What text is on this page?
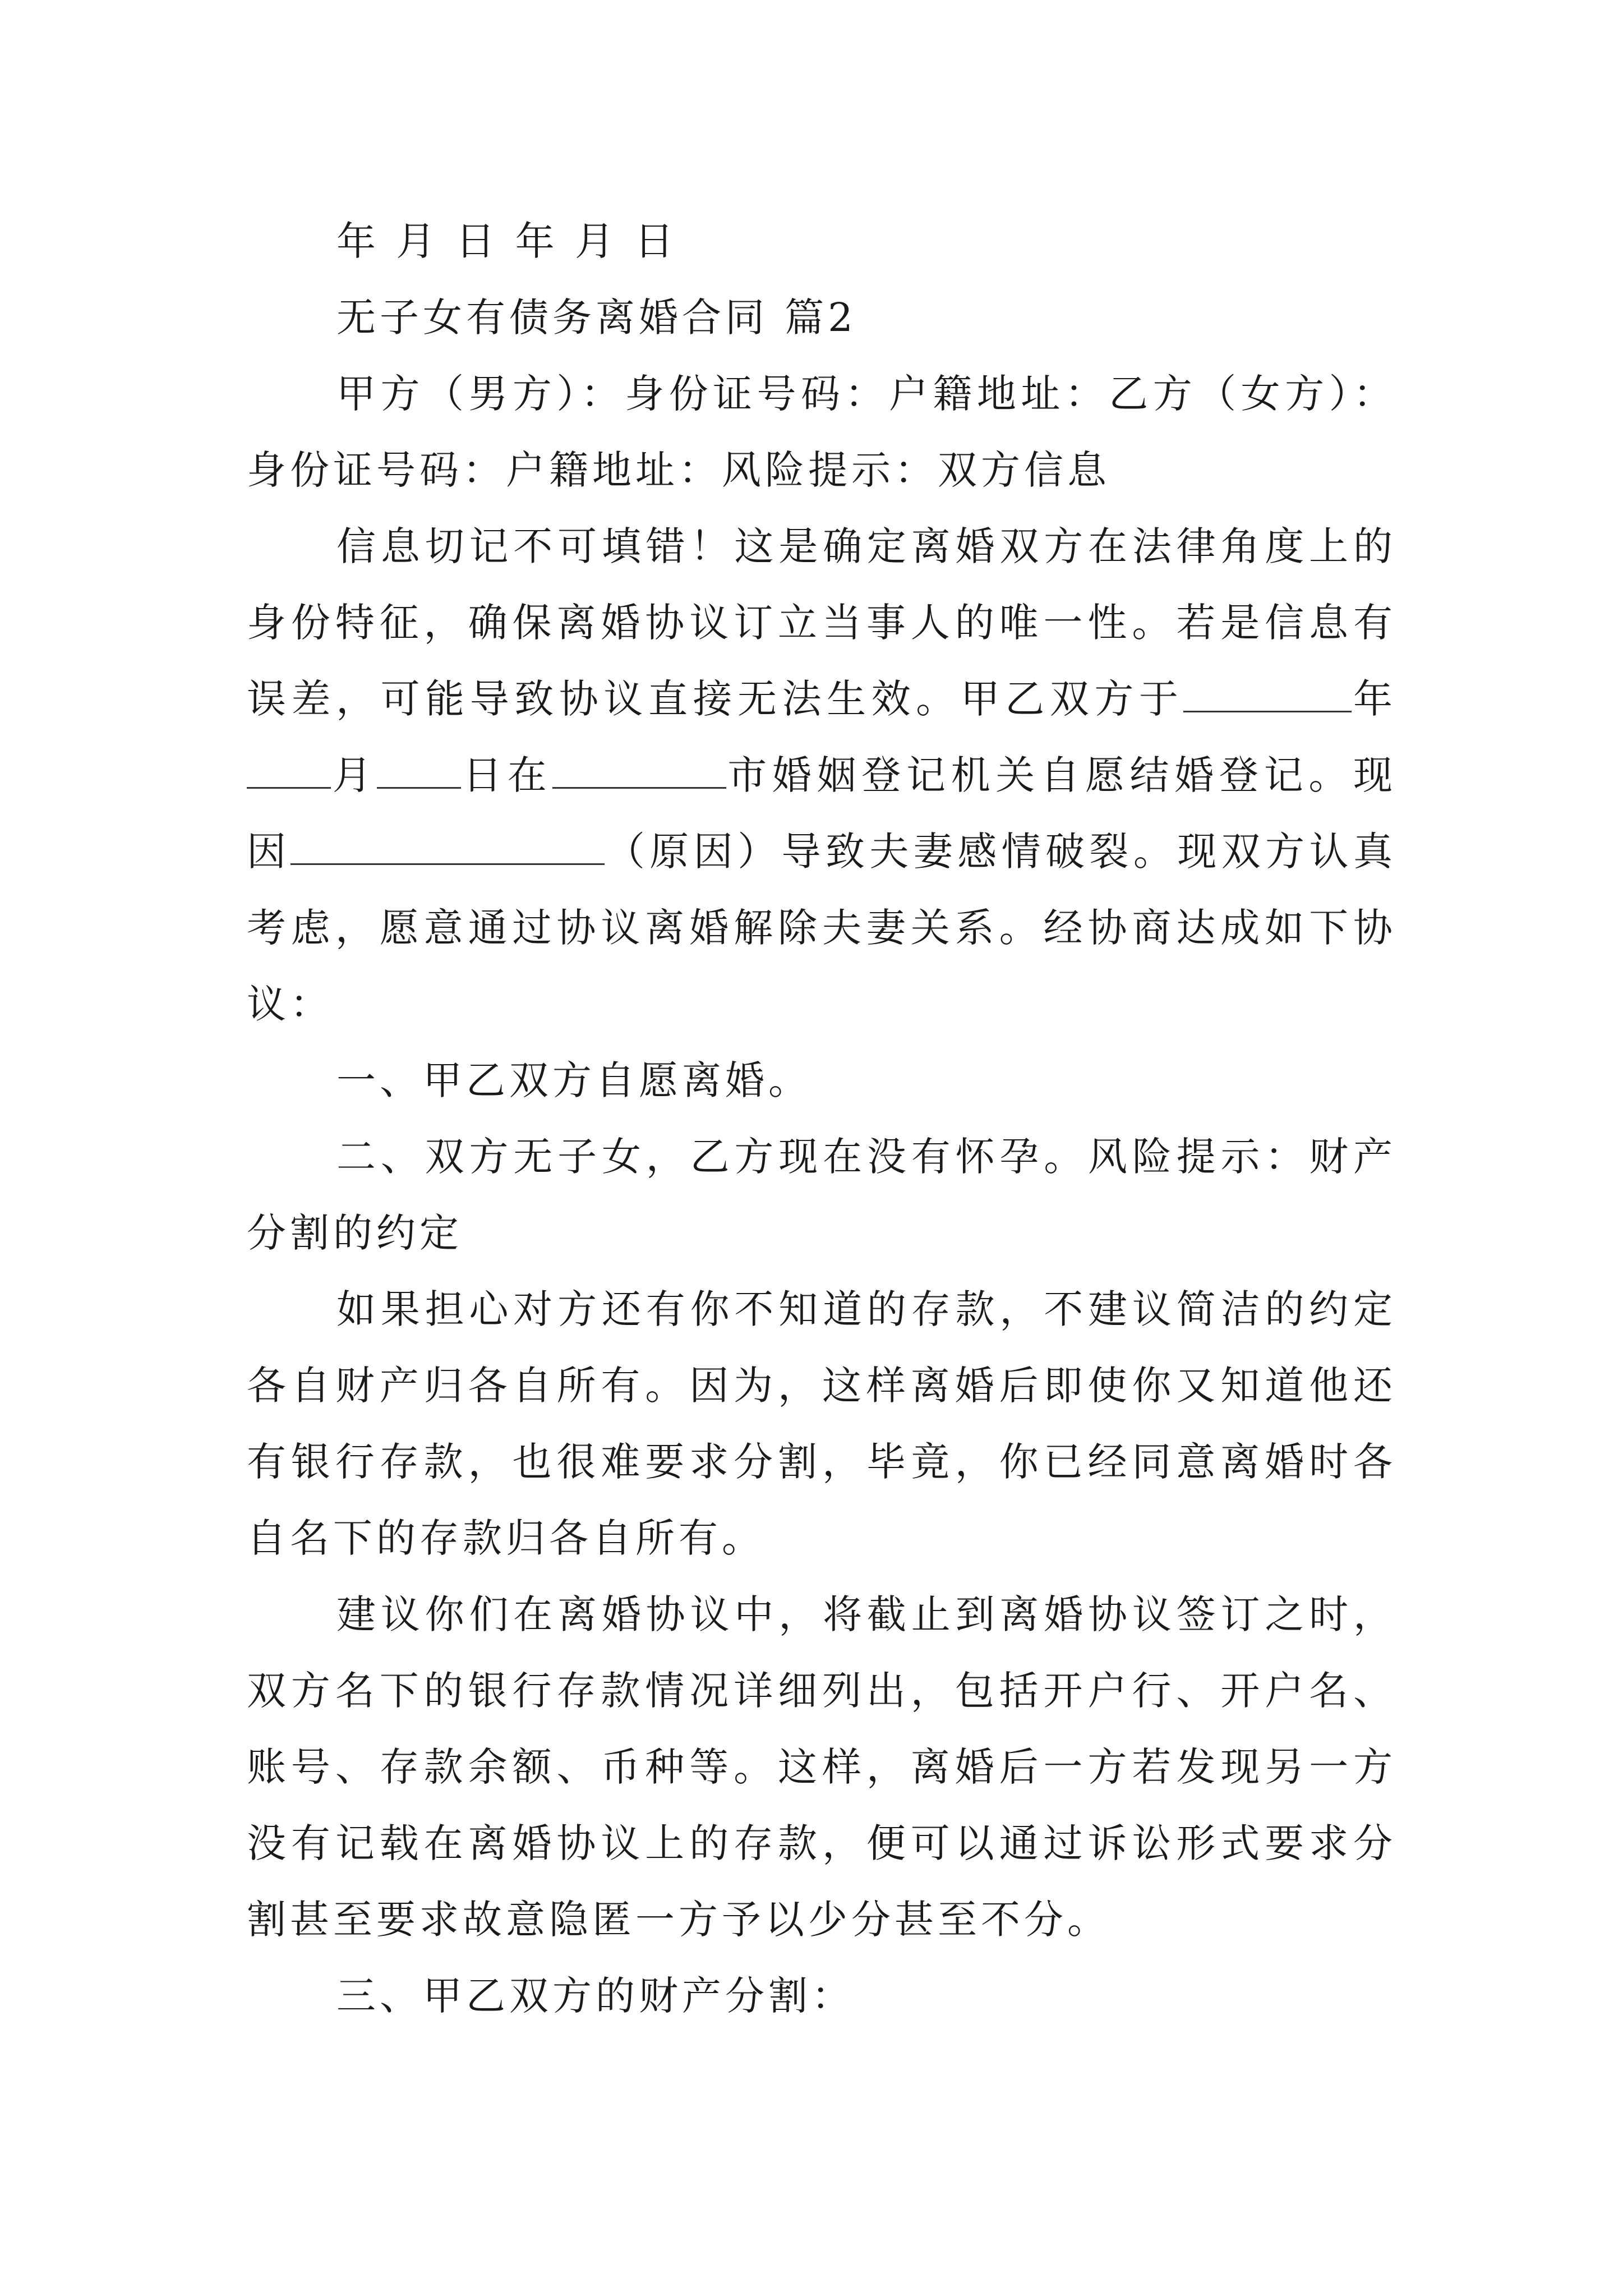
年 月 日 年 月 日

无子女有债务离婚合同 篇2

甲方（男方）：身份证号码：户籍地址：乙方（女方）：身份证号码：户籍地址：风险提示：双方信息

信息切记不可填错！这是确定离婚双方在法律角度上的身份特征，确保离婚协议订立当事人的唯一性。若是信息有误差，可能导致协议直接无法生效。甲乙双方于	年月 日在	市婚姻登记机关自愿结婚登记。现因	（原因）导致夫妻感情破裂。现双方认真考虑，愿意通过协议离婚解除夫妻关系。经协商达成如下协议：

一、甲乙双方自愿离婚。

二、双方无子女，乙方现在没有怀孕。风险提示：财产分割的约定

如果担心对方还有你不知道的存款，不建议简洁的约定各自财产归各自所有。因为，这样离婚后即使你又知道他还有银行存款，也很难要求分割，毕竟，你已经同意离婚时各自名下的存款归各自所有。

建议你们在离婚协议中，将截止到离婚协议签订之时，双方名下的银行存款情况详细列出，包括开户行、开户名、账号、存款余额、币种等。这样，离婚后一方若发现另一方没有记载在离婚协议上的存款，便可以通过诉讼形式要求分割甚至要求故意隐匿一方予以少分甚至不分。

三、甲乙双方的财产分割：
